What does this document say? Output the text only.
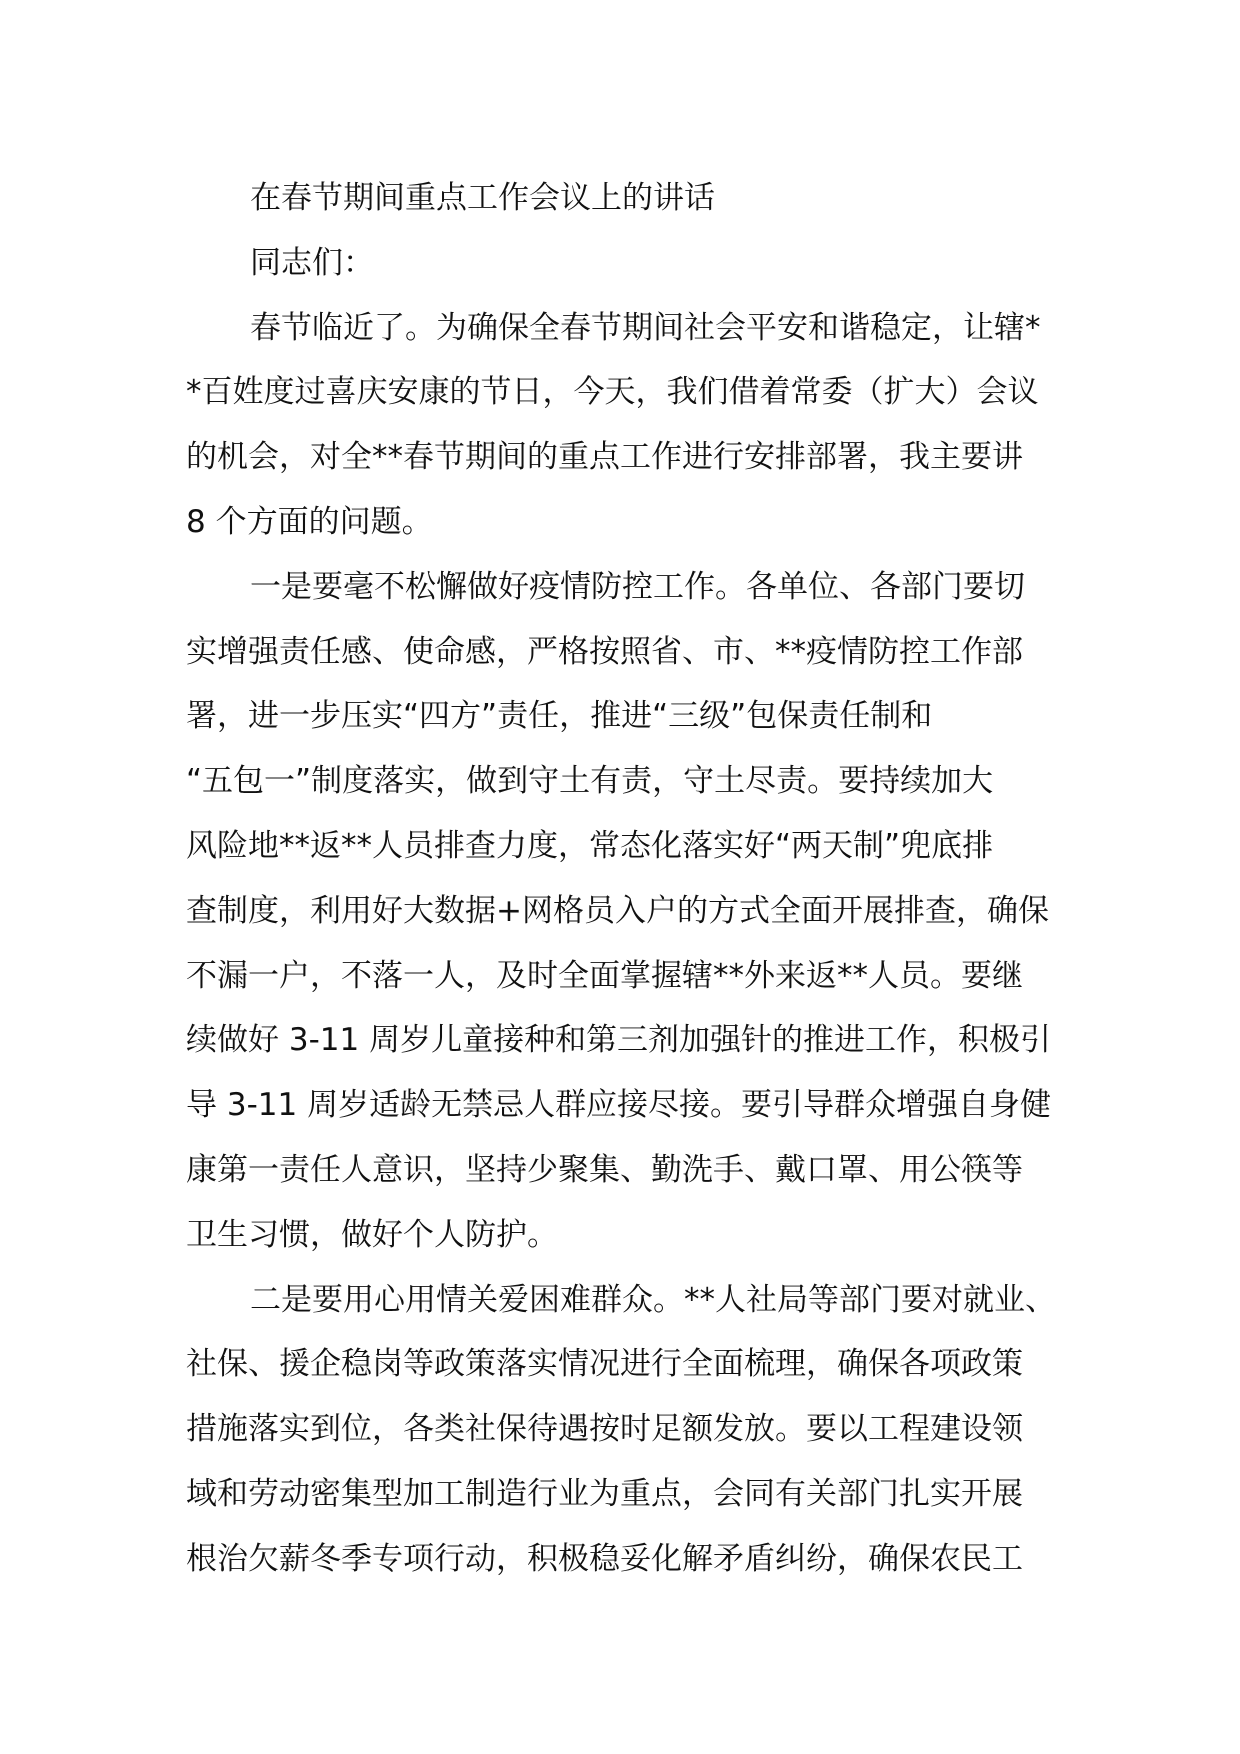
在春节期间重点工作会议上的讲话
同志们：
春节临近了。为确保全春节期间社会平安和谐稳定，让辖*
*百姓度过喜庆安康的节日，今天，我们借着常委（扩大）会议
的机会，对全**春节期间的重点工作进行安排部署，我主要讲
8 个方面的问题。
一是要毫不松懈做好疫情防控工作。各单位、各部门要切
实增强责任感、使命感，严格按照省、市、**疫情防控工作部
署，进一步压实“四方”责任，推进“三级”包保责任制和
“五包一”制度落实，做到守土有责，守土尽责。要持续加大
风险地**返**人员排查力度，常态化落实好“两天制”兜底排
查制度，利用好大数据+网格员入户的方式全面开展排查，确保
不漏一户，不落一人，及时全面掌握辖**外来返**人员。要继
续做好 3-11 周岁儿童接种和第三剂加强针的推进工作，积极引
导 3-11 周岁适龄无禁忌人群应接尽接。要引导群众增强自身健
康第一责任人意识，坚持少聚集、勤洗手、戴口罩、用公筷等
卫生习惯，做好个人防护。
二是要用心用情关爱困难群众。**人社局等部门要对就业、
社保、援企稳岗等政策落实情况进行全面梳理，确保各项政策
措施落实到位，各类社保待遇按时足额发放。要以工程建设领
域和劳动密集型加工制造行业为重点，会同有关部门扎实开展
根治欠薪冬季专项行动，积极稳妥化解矛盾纠纷，确保农民工
